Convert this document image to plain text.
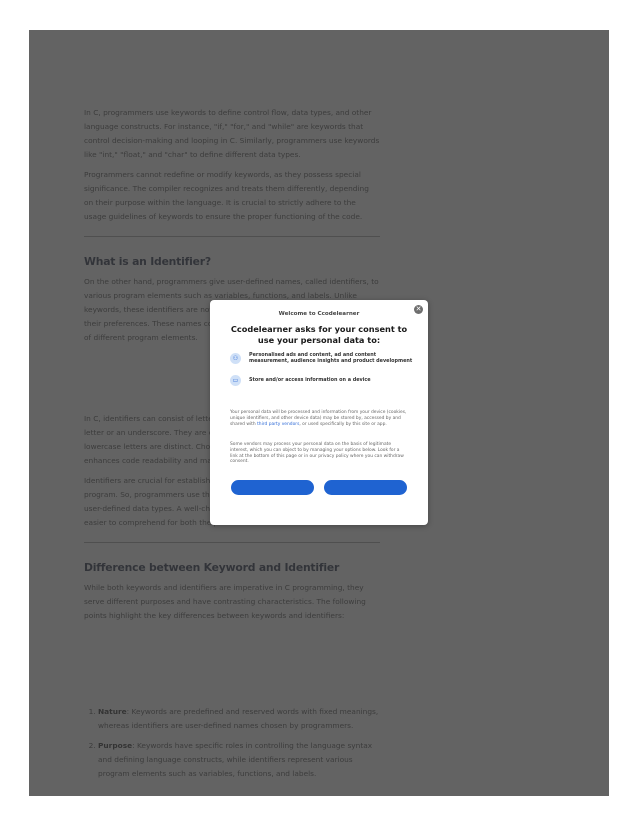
1.
2.
✕
Welcome to Ccodelearner
Ccodelearner asks for your consent to use your personal data to:
⚇	Personalised ads and content, ad and content measurement, audience insights and product development
▭	Store and/or access information on a device
Your personal data will be processed and information from your device (cookies, unique identifiers, and other device data) may be stored by, accessed by and shared with third party vendors, or used specifically by this site or app.
Some vendors may process your personal data on the basis of legitimate interest, which you can object to by managing your options below. Look for a link at the bottom of this page or in our privacy policy where you can withdraw consent.
